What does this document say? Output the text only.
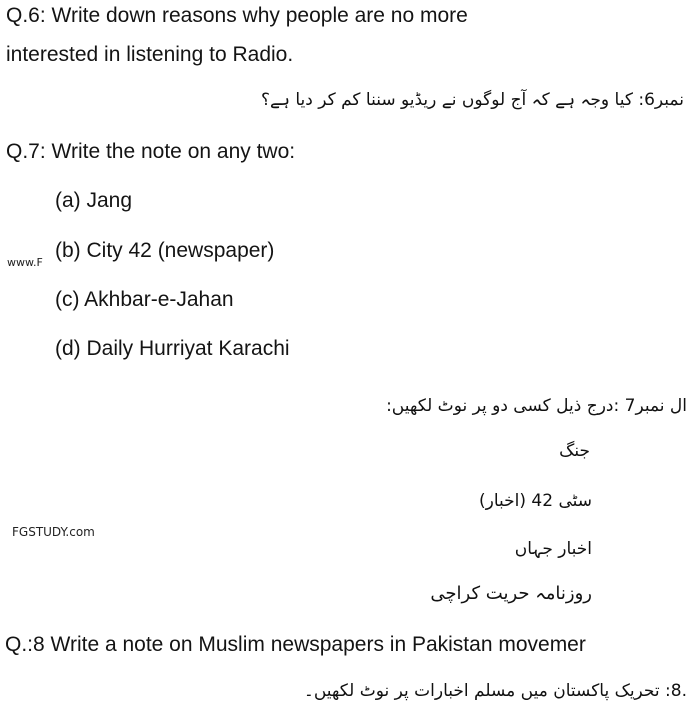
Q.6: Write down reasons why people are no more
interested in listening to Radio.
نمبر6: کیا وجہ ہے کہ آج لوگوں نے ریڈیو سننا کم کر دیا ہے؟
Q.7: Write the note on any two:
(a) Jang
www.F
(b) City 42 (newspaper)
(c) Akhbar-e-Jahan
(d) Daily Hurriyat Karachi
ال نمبر7 :درج ذیل کسی دو پر نوٹ لکھیں:
جنگ
سٹی 42 (اخبار)
FGSTUDY.com
اخبار جہاں
روزنامہ حریت کراچی
Q.:8 Write a note on Muslim newspapers in Pakistan movemer
.8: تحریک پاکستان میں مسلم اخبارات پر نوٹ لکھیں۔
